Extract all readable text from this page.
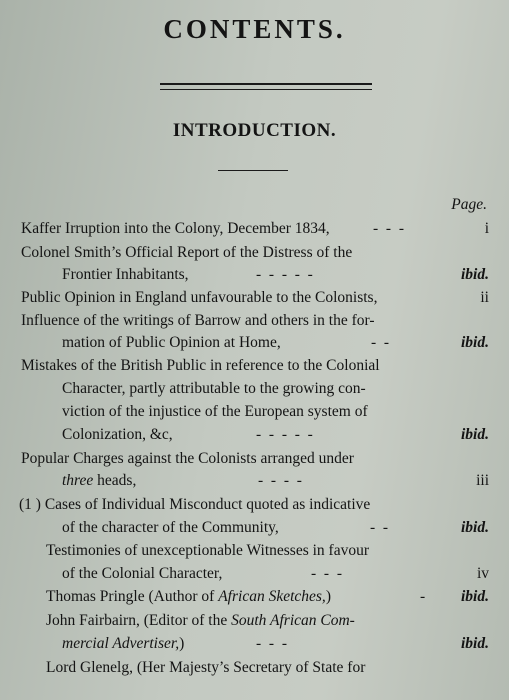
CONTENTS.
INTRODUCTION.
Page.
Kaffer Irruption into the Colony, December 1834,	-  -  -	i
Colonel Smith’s Official Report of the Distress of the
Frontier Inhabitants,	-  -  -  -  -	ibid.
Public Opinion in England unfavourable to the Colonists,	ii
Influence of the writings of Barrow and others in the for-
mation of Public Opinion at Home,	-  -	ibid.
Mistakes of the British Public in reference to the Colonial
Character, partly attributable to the growing con-
viction of the injustice of the European system of
Colonization, &c,	-  -  -  -  -	ibid.
Popular Charges against the Colonists arranged under
three heads,	-  -  -  -	iii
(1 ) Cases of Individual Misconduct quoted as indicative
of the character of the Community,	-  -	ibid.
Testimonies of unexceptionable Witnesses in favour
of the Colonial Character,	-  -  -	iv
Thomas Pringle (Author of African Sketches,)	- ibid.
John Fairbairn, (Editor of the South African Com-
mercial Advertiser,)	-  -  -	ibid.
Lord Glenelg, (Her Majesty’s Secretary of State for
